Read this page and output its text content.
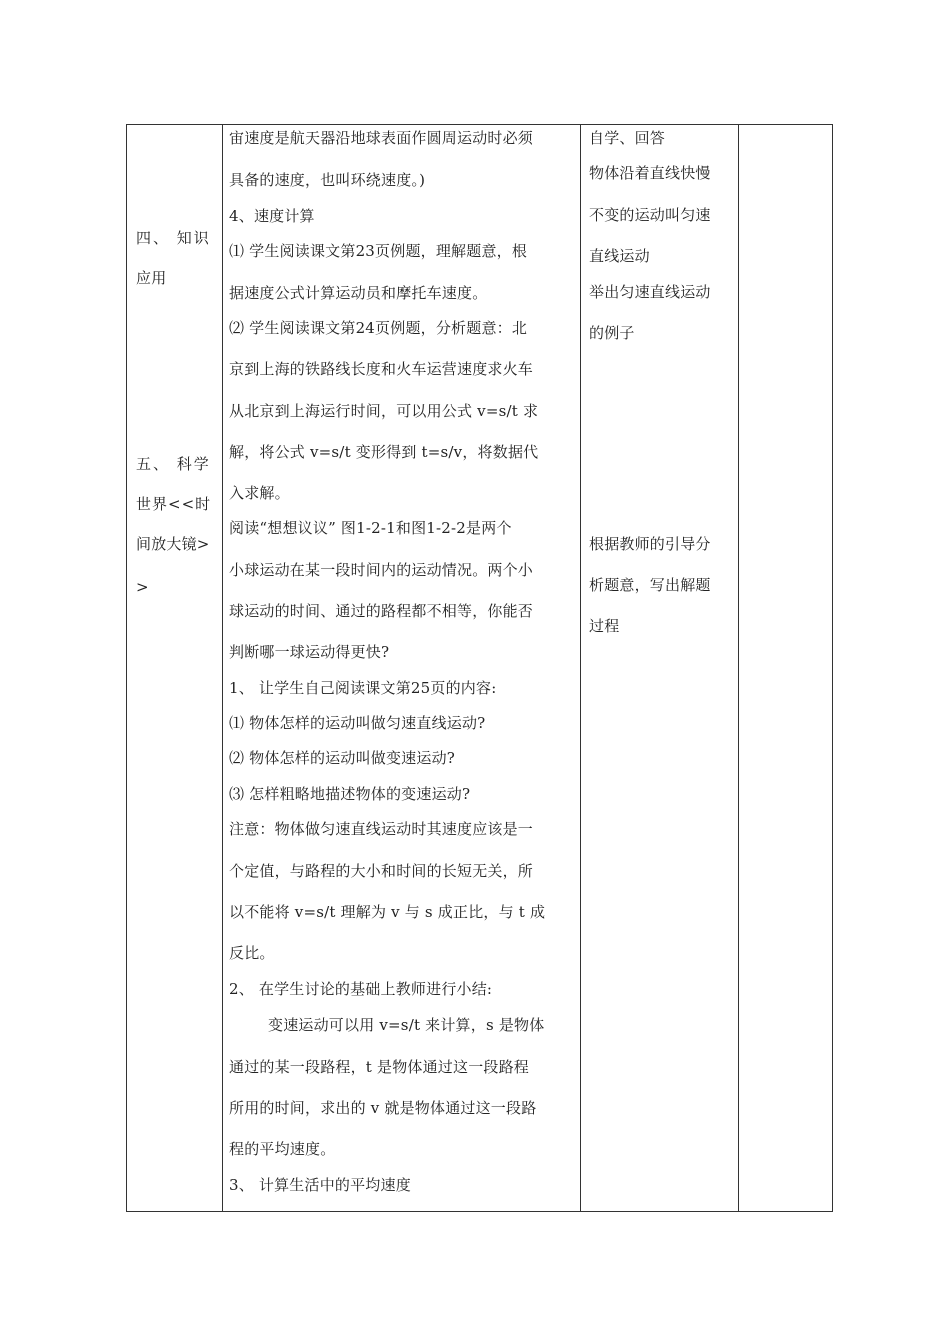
四、 知识
应用
五、 科学
世界<<时
间放大镜>
>
宙速度是航天器沿地球表面作圆周运动时必须
具备的速度，也叫环绕速度。)
4、速度计算
⑴ 学生阅读课文第23页例题，理解题意，根
据速度公式计算运动员和摩托车速度。
⑵ 学生阅读课文第24页例题，分析题意：北
京到上海的铁路线长度和火车运营速度求火车
从北京到上海运行时间，可以用公式 v=s/t 求
解，将公式 v=s/t 变形得到 t=s/v，将数据代
入求解。
阅读“想想议议” 图1-2-1和图1-2-2是两个
小球运动在某一段时间内的运动情况。两个小
球运动的时间、通过的路程都不相等，你能否
判断哪一球运动得更快?
1、 让学生自己阅读课文第25页的内容:
⑴ 物体怎样的运动叫做匀速直线运动?
⑵ 物体怎样的运动叫做变速运动?
⑶ 怎样粗略地描述物体的变速运动?
注意：物体做匀速直线运动时其速度应该是一
个定值，与路程的大小和时间的长短无关，所
以不能将 v=s/t 理解为 v 与 s 成正比，与 t 成
反比。
2、 在学生讨论的基础上教师进行小结:
变速运动可以用 v=s/t 来计算，s 是物体
通过的某一段路程，t 是物体通过这一段路程
所用的时间，求出的 v 就是物体通过这一段路
程的平均速度。
3、 计算生活中的平均速度
自学、回答
物体沿着直线快慢
不变的运动叫匀速
直线运动
举出匀速直线运动
的例子
根据教师的引导分
析题意，写出解题
过程
